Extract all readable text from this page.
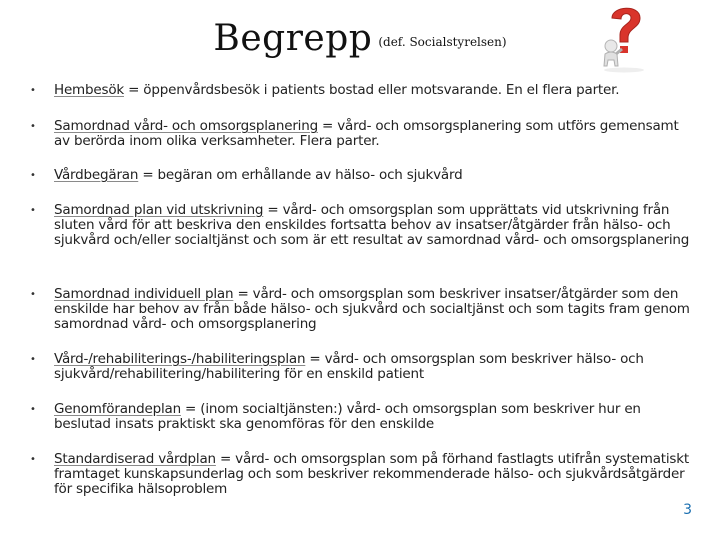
Begrepp $^{(def. Socialstyrelsen)}$
• Hembesök = öppenvårdsbesök i patients bostad eller motsvarande. En el flera parter.
• Samordnad vård- och omsorgsplanering = vård- och omsorgsplanering som utförs gemensamt av berörda inom olika verksamheter. Flera parter.
• Vårdbegäran = begäran om erhållande av hälso- och sjukvård
• Samordnad plan vid utskrivning = vård- och omsorgsplan som upprättats vid utskrivning från sluten vård för att beskriva den enskildes fortsatta behov av insatser/åtgärder från hälso- och sjukvård och/eller socialtjänst och som är ett resultat av samordnad vård- och omsorgsplanering
• Samordnad individuell plan = vård- och omsorgsplan som beskriver insatser/åtgärder som den enskilde har behov av från både hälso- och sjukvård och socialtjänst och som tagits fram genom samordnad vård- och omsorgsplanering
• Vård-/rehabiliterings-/habiliteringsplan = vård- och omsorgsplan som beskriver hälso- och sjukvård/rehabilitering/habilitering för en enskild patient
• Genomförandeplan = (inom socialtjänsten:) vård- och omsorgsplan som beskriver hur en beslutad insats praktiskt ska genomföras för den enskilde
• Standardiserad vårdplan = vård- och omsorgsplan som på förhand fastlagts utifrån systematiskt framtaget kunskapsunderlag och som beskriver rekommenderade hälso- och sjukvårdsåtgärder för specifika hälsoproblem
3
